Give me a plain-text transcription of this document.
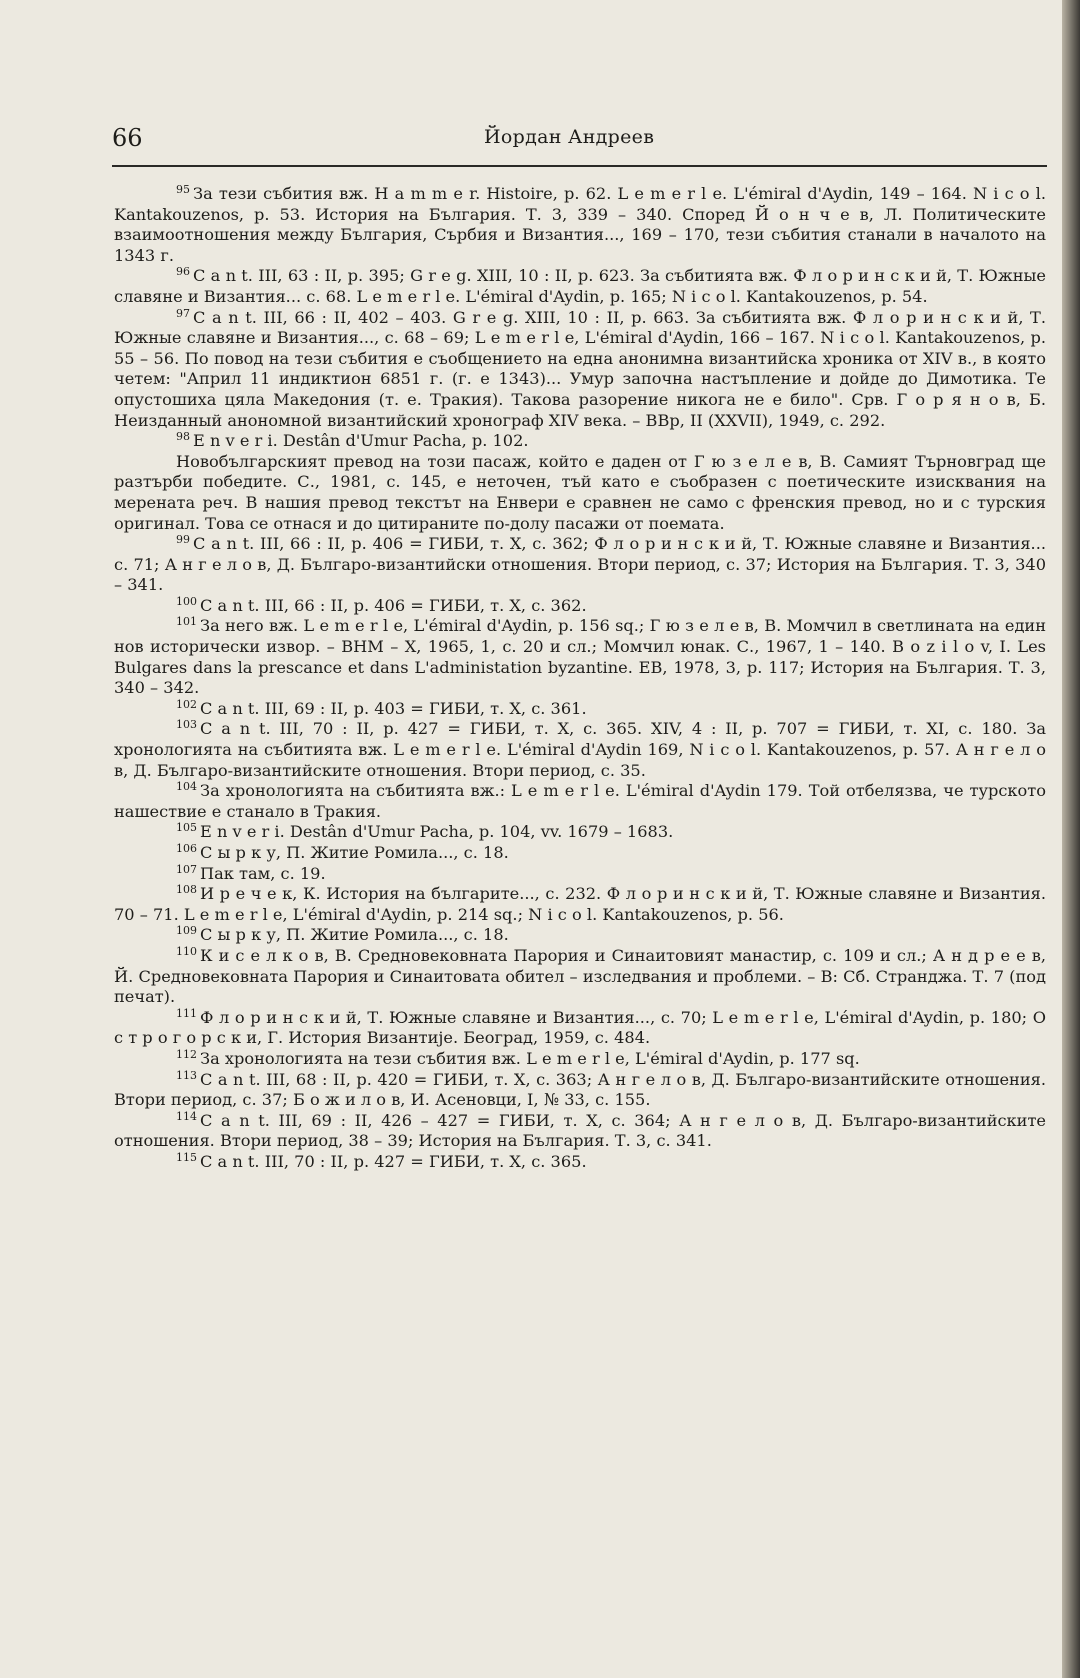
66	Йордан Андреев

$^{95}$ За тези събития вж. H a m m e r. Histoire, p. 62. L e m e r l e. L'émiral d'Aydin, 149 – 164. N i c o l. Kantakouzenos, p. 53. История на България. Т. 3, 339 – 340. Според Й о н ч е в, Л. Политическите взаимоотношения между България, Сърбия и Византия..., 169 – 170, тези събития станали в началото на 1343 г.

$^{96}$ C a n t. III, 63 : II, p. 395; G r e g. XIII, 10 : II, p. 623. За събитията вж. Ф л о р и н с к и й, Т. Южные славяне и Византия... с. 68. L e m e r l e. L'émiral d'Aydin, p. 165; N i c o l. Kantakouzenos, p. 54.

$^{97}$ C a n t. III, 66 : II, 402 – 403. G r e g. XIII, 10 : II, p. 663. За събитията вж. Ф л о р и н с к и й, Т. Южные славяне и Византия..., с. 68 – 69; L e m e r l e, L'émiral d'Aydin, 166 – 167. N i c o l. Kantakouzenos, p. 55 – 56. По повод на тези събития е съобщението на една анонимна византийска хроника от XIV в., в която четем: "Април 11 индиктион 6851 г. (г. е 1343)... Умур започна настъпление и дойде до Димотика. Те опустошиха цяла Македония (т. е. Тракия). Такова разорение никога не е било". Срв. Г о р я н о в, Б. Неизданный анономной византийский хронограф XIV века. – ВВр, II (XXVII), 1949, с. 292.

$^{98}$ E n v e r i. Destân d'Umur Pacha, p. 102.

Новобългарският превод на този пасаж, който е даден от Г ю з е л е в, В. Самият Търновград ще разтърби победите. С., 1981, с. 145, е неточен, тъй като е съобразен с поетическите изисквания на мерената реч. В нашия превод текстът на Енвери е сравнен не само с френския превод, но и с турския оригинал. Това се отнася и до цитираните по-долу пасажи от поемата.

$^{99}$ C a n t. III, 66 : II, p. 406 = ГИБИ, т. X, с. 362; Ф л о р и н с к и й, Т. Южные славяне и Византия... с. 71; А н г е л о в, Д. Българо-византийски отношения. Втори период, с. 37; История на България. Т. 3, 340 – 341.

$^{100}$ C a n t. III, 66 : II, p. 406 = ГИБИ, т. X, с. 362.

$^{101}$ За него вж. L e m e r l e, L'émiral d'Aydin, p. 156 sq.; Г ю з е л е в, В. Момчил в светлината на един нов исторически извор. – ВНМ – X, 1965, 1, с. 20 и сл.; Момчил юнак. С., 1967, 1 – 140. B o z i l o v, I. Les Bulgares dans la prescance et dans L'administation byzantine. EB, 1978, 3, p. 117; История на България. Т. 3, 340 – 342.

$^{102}$ C a n t. III, 69 : II, p. 403 = ГИБИ, т. X, с. 361.

$^{103}$ C a n t. III, 70 : II, p. 427 = ГИБИ, т. X, с. 365. XIV, 4 : II, p. 707 = ГИБИ, т. XI, с. 180. За хронологията на събитията вж. L e m e r l e. L'émiral d'Aydin 169, N i c o l. Kantakouzenos, p. 57. А н г е л о в, Д. Българо-византийските отношения. Втори период, с. 35.

$^{104}$ За хронологията на събитията вж.: L e m e r l e. L'émiral d'Aydin 179. Той отбелязва, че турското нашествие е станало в Тракия.

$^{105}$ E n v e r i. Destân d'Umur Pacha, p. 104, vv. 1679 – 1683.

$^{106}$ С ы р к у, П. Житие Ромила..., с. 18.

$^{107}$ Пак там, с. 19.

$^{108}$ И р е ч е к, К. История на българите..., с. 232. Ф л о р и н с к и й, Т. Южные славяне и Византия. 70 – 71. L e m e r l e, L'émiral d'Aydin, p. 214 sq.; N i c o l. Kantakouzenos, p. 56.

$^{109}$ С ы р к у, П. Житие Ромила..., с. 18.

$^{110}$ К и с е л к о в, В. Средновековната Парория и Синаитовият манастир, с. 109 и сл.; А н д р е е в, Й. Средновековната Парория и Синаитовата обител – изследвания и проблеми. – В: Сб. Странджа. Т. 7 (под печат).

$^{111}$ Ф л о р и н с к и й, Т. Южные славяне и Византия..., с. 70; L e m e r l e, L'émiral d'Aydin, p. 180; О с т р о г о р с к и, Г. История Византије. Београд, 1959, с. 484.

$^{112}$ За хронологията на тези събития вж. L e m e r l e, L'émiral d'Aydin, p. 177 sq.

$^{113}$ C a n t. III, 68 : II, p. 420 = ГИБИ, т. X, с. 363; А н г е л о в, Д. Българо-византийските отношения. Втори период, с. 37; Б о ж и л о в, И. Асеновци, I, № 33, с. 155.

$^{114}$ C a n t. III, 69 : II, 426 – 427 = ГИБИ, т. X, с. 364; А н г е л о в, Д. Българо-византийските отношения. Втори период, 38 – 39; История на България. Т. 3, с. 341.

$^{115}$ C a n t. III, 70 : II, p. 427 = ГИБИ, т. X, с. 365.
